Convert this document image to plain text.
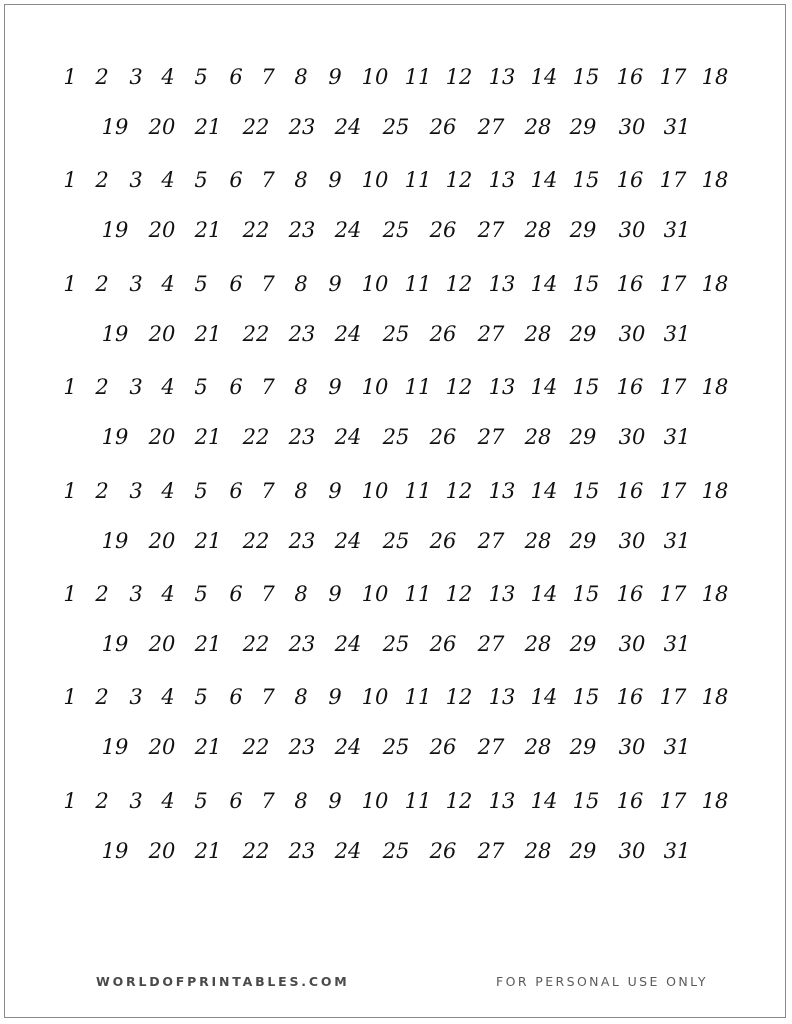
1 2 3 4 5 6 7 8 9 10 11 12 13 14 15 16 17 18
19 20 21 22 23 24 25 26 27 28 29 30 31
1 2 3 4 5 6 7 8 9 10 11 12 13 14 15 16 17 18
19 20 21 22 23 24 25 26 27 28 29 30 31
1 2 3 4 5 6 7 8 9 10 11 12 13 14 15 16 17 18
19 20 21 22 23 24 25 26 27 28 29 30 31
1 2 3 4 5 6 7 8 9 10 11 12 13 14 15 16 17 18
19 20 21 22 23 24 25 26 27 28 29 30 31
1 2 3 4 5 6 7 8 9 10 11 12 13 14 15 16 17 18
19 20 21 22 23 24 25 26 27 28 29 30 31
1 2 3 4 5 6 7 8 9 10 11 12 13 14 15 16 17 18
19 20 21 22 23 24 25 26 27 28 29 30 31
1 2 3 4 5 6 7 8 9 10 11 12 13 14 15 16 17 18
19 20 21 22 23 24 25 26 27 28 29 30 31
1 2 3 4 5 6 7 8 9 10 11 12 13 14 15 16 17 18
19 20 21 22 23 24 25 26 27 28 29 30 31
WORLDOFPRINTABLES.COM	FOR PERSONAL USE ONLY
